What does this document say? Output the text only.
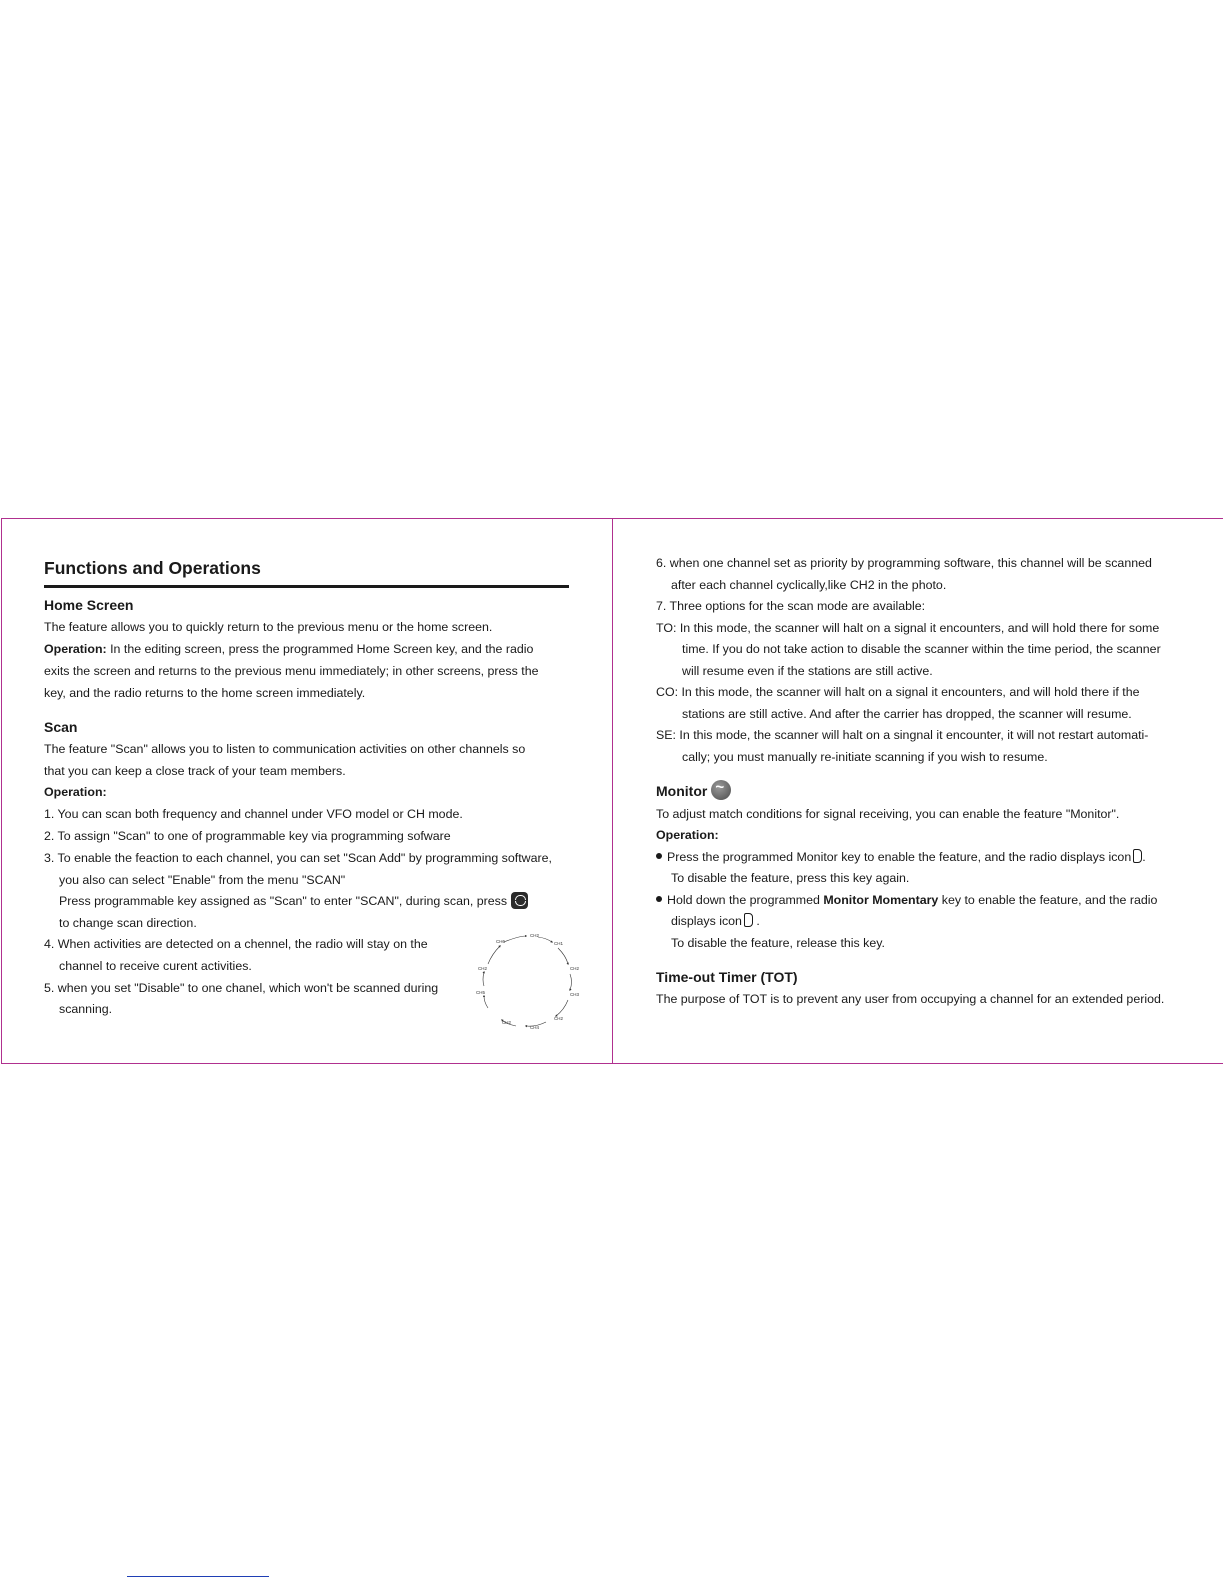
Functions and Operations
Home Screen
The feature allows you to quickly return to the previous menu or the home screen.
Operation: In the editing screen, press the programmed Home Screen key, and the radio
exits the screen and returns to the previous menu immediately; in other screens, press the
key, and the radio returns to the home screen immediately.
Scan
The feature "Scan" allows you to listen to communication activities on other channels so
that you can keep a close track of your team members.
Operation:
1. You can scan both frequency and channel under VFO model or CH mode.
2. To assign "Scan" to one of programmable key via programming sofware
3. To enable the feaction to each channel, you can set "Scan Add" by programming software,
you also can select "Enable" from the menu "SCAN"
Press programmable key assigned as "Scan" to enter "SCAN", during scan, press
to change scan direction.
4. When activities are detected on a chennel, the radio will stay on the
channel to receive curent activities.
5. when you set "Disable" to one chanel, which won't be scanned during
scanning.
CH2
CH1
CH2
CH3
CH2
CH4
CH2
CH5
CH2
CH6
6. when one channel set as priority by programming software, this channel will be scanned
after each channel cyclically,like CH2 in the photo.
7. Three options for the scan mode are available:
TO: In this mode, the scanner will halt on a signal it encounters, and will hold there for some
time. If you do not take action to disable the scanner within the time period, the scanner
will resume even if the stations are still active.
CO: In this mode, the scanner will halt on a signal it encounters, and will hold there if the
stations are still active. And after the carrier has dropped, the scanner will resume.
SE: In this mode, the scanner will halt on a singnal it encounter, it will not restart automati-
cally; you must manually re-initiate scanning if you wish to resume.
Monitor~
To adjust match conditions for signal receiving, you can enable the feature "Monitor".
Operation:
Press the programmed Monitor key to enable the feature, and the radio displays icon .
To disable the feature, press this key again.
Hold down the programmed Monitor Momentary key to enable the feature, and the radio
displays icon .
To disable the feature, release this key.
Time-out Timer (TOT)
The purpose of TOT is to prevent any user from occupying a channel for an extended period.
